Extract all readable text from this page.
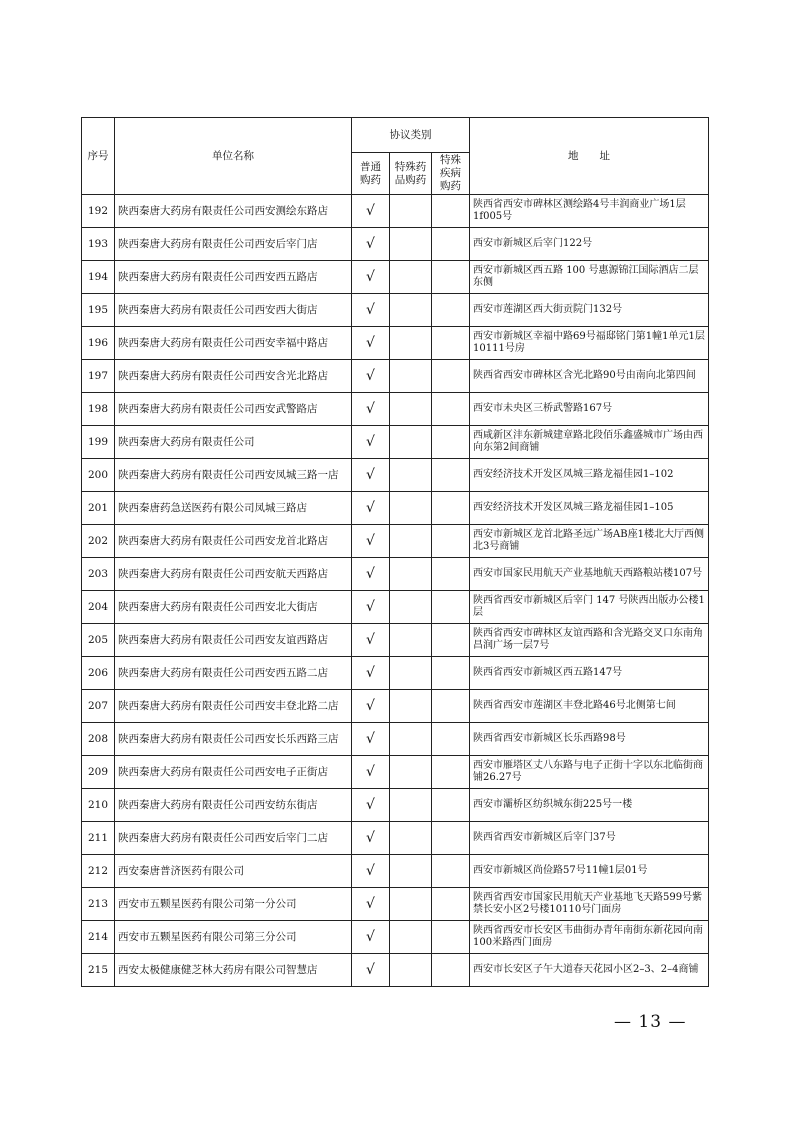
序号	单位名称	协议类别			地　　址
		普通购药	特殊药品购药	特殊疾病购药	
192	陕西秦唐大药房有限责任公司西安测绘东路店	√			陕西省西安市碑林区测绘路4号丰润商业广场1层1f005号
193	陕西秦唐大药房有限责任公司西安后宰门店	√			西安市新城区后宰门122号
194	陕西秦唐大药房有限责任公司西安西五路店	√			西安市新城区西五路 100 号惠源锦江国际酒店二层东侧
195	陕西秦唐大药房有限责任公司西安西大街店	√			西安市莲湖区西大街贡院门132号
196	陕西秦唐大药房有限责任公司西安幸福中路店	√			西安市新城区幸福中路69号福邸铭门第1幢1单元1层10111号房
197	陕西秦唐大药房有限责任公司西安含光北路店	√			陕西省西安市碑林区含光北路90号由南向北第四间
198	陕西秦唐大药房有限责任公司西安武警路店	√			西安市未央区三桥武警路167号
199	陕西秦唐大药房有限责任公司	√			西咸新区沣东新城建章路北段佰乐鑫盛城市广场由西向东第2间商铺
200	陕西秦唐大药房有限责任公司西安凤城三路一店	√			西安经济技术开发区凤城三路龙福佳园1–102
201	陕西秦唐药急送医药有限公司凤城三路店	√			西安经济技术开发区凤城三路龙福佳园1–105
202	陕西秦唐大药房有限责任公司西安龙首北路店	√			西安市新城区龙首北路圣远广场AB座1楼北大厅西侧北3号商铺
203	陕西秦唐大药房有限责任公司西安航天西路店	√			西安市国家民用航天产业基地航天西路粮站楼107号
204	陕西秦唐大药房有限责任公司西安北大街店	√			陕西省西安市新城区后宰门 147 号陕西出版办公楼1层
205	陕西秦唐大药房有限责任公司西安友谊西路店	√			陕西省西安市碑林区友谊西路和含光路交叉口东南角昌润广场一层7号
206	陕西秦唐大药房有限责任公司西安西五路二店	√			陕西省西安市新城区西五路147号
207	陕西秦唐大药房有限责任公司西安丰登北路二店	√			陕西省西安市莲湖区丰登北路46号北侧第七间
208	陕西秦唐大药房有限责任公司西安长乐西路三店	√			陕西省西安市新城区长乐西路98号
209	陕西秦唐大药房有限责任公司西安电子正街店	√			西安市雁塔区丈八东路与电子正街十字以东北临街商铺26.27号
210	陕西秦唐大药房有限责任公司西安纺东街店	√			西安市灞桥区纺织城东街225号一楼
211	陕西秦唐大药房有限责任公司西安后宰门二店	√			陕西省西安市新城区后宰门37号
212	西安秦唐普济医药有限公司	√			西安市新城区尚俭路57号11幢1层01号
213	西安市五颗星医药有限公司第一分公司	√			陕西省西安市国家民用航天产业基地飞天路599号紫禁长安小区2号楼10110号门面房
214	西安市五颗星医药有限公司第三分公司	√			陕西省西安市长安区韦曲街办青年南街东新花园向南100米路西门面房
215	西安太极健康健芝林大药房有限公司智慧店	√			西安市长安区子午大道春天花园小区2–3、2–4商铺
— 13 —
